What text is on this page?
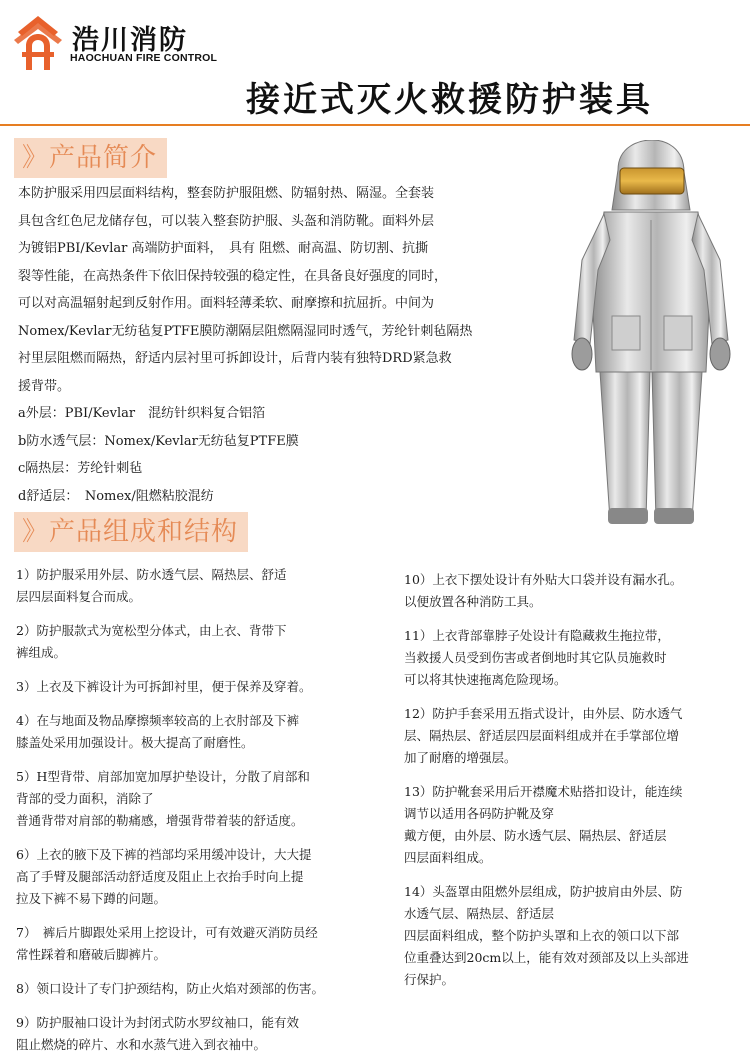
浩川消防
HAOCHUAN FIRE CONTROL
接近式灭火救援防护装具
》产品简介

本防护服采用四层面料结构，整套防护服阻燃、防辐射热、隔湿。全套装

具包含红色尼龙储存包，可以装入整套防护服、头盔和消防靴。面料外层

为镀铝PBI/Kevlar 高端防护面料，　具有 阻燃、耐高温、防切割、抗撕

裂等性能，在高热条件下依旧保持较强的稳定性，在具备良好强度的同时，

可以对高温辐射起到反射作用。面料轻薄柔软、耐摩擦和抗屈折。中间为

Nomex/Kevlar无纺毡复PTFE膜防潮隔层阻燃隔湿同时透气，芳纶针刺毡隔热

衬里层阻燃而隔热，舒适内层衬里可拆卸设计，后背内装有独特DRD紧急救

援背带。

a外层：PBI/Kevlar　混纺针织料复合铝箔

b防水透气层：Nomex/Kevlar无纺毡复PTFE膜

c隔热层：芳纶针刺毡

d舒适层：　Nomex/阻燃粘胶混纺

》产品组成和结构

1）防护服采用外层、防水透气层、隔热层、舒适

层四层面料复合而成。

2）防护服款式为宽松型分体式，由上衣、背带下

裤组成。

3）上衣及下裤设计为可拆卸衬里，便于保养及穿着。

4）在与地面及物品摩擦频率较高的上衣肘部及下裤

膝盖处采用加强设计。极大提高了耐磨性。

5）H型背带、肩部加宽加厚护垫设计，分散了肩部和

背部的受力面积，消除了

普通背带对肩部的勒痛感，增强背带着装的舒适度。

6）上衣的腋下及下裤的裆部均采用缓冲设计，大大提

高了手臂及腿部活动舒适度及阻止上衣抬手时向上提

拉及下裤不易下蹲的问题。

7）　裤后片脚跟处采用上挖设计，可有效避灭消防员经

常性踩着和磨破后脚裤片。

8）领口设计了专门护颈结构，防止火焰对颈部的伤害。

9）防护服袖口设计为封闭式防水罗纹袖口，能有效

阻止燃烧的碎片、水和水蒸气进入到衣袖中。

10）上衣下摆处设计有外贴大口袋并设有漏水孔。

以便放置各种消防工具。

11）上衣背部靠脖子处设计有隐藏救生拖拉带，

当救援人员受到伤害或者倒地时其它队员施救时

可以将其快速拖离危险现场。

12）防护手套采用五指式设计，由外层、防水透气

层、隔热层、舒适层四层面料组成并在手掌部位增

加了耐磨的增强层。

13）防护靴套采用后开襟魔术贴搭扣设计，能连续

调节以适用各码防护靴及穿

戴方便，由外层、防水透气层、隔热层、舒适层

四层面料组成。

14）头盔罩由阻燃外层组成，防护披肩由外层、防

水透气层、隔热层、舒适层

四层面料组成，整个防护头罩和上衣的领口以下部

位重叠达到20cm以上，能有效对颈部及以上头部进

行保护。
